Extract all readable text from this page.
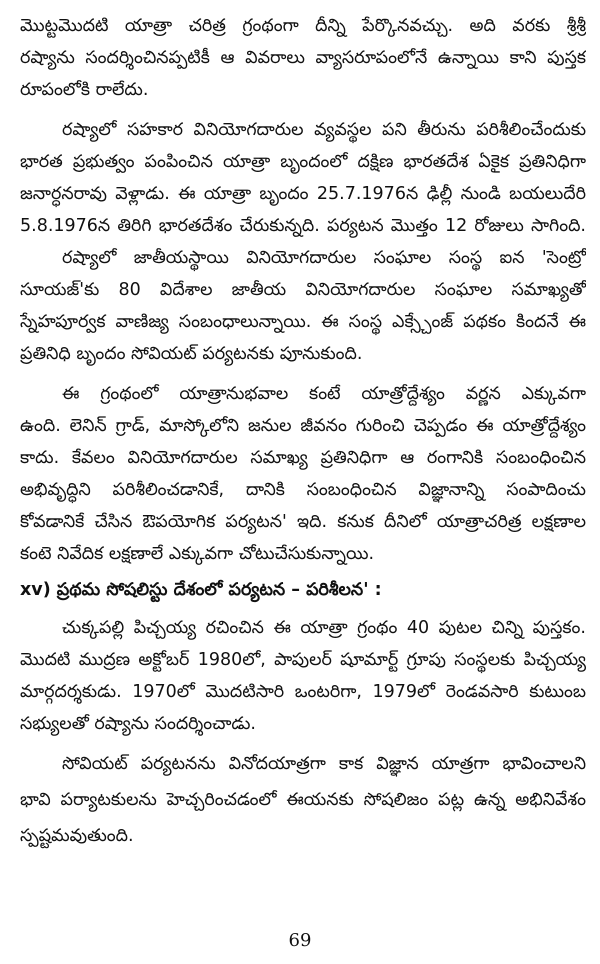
మొట్టమొదటి యాత్రా చరిత్ర గ్రంథంగా దీన్ని పేర్కొనవచ్చు. అది వరకు శ్రీశ్రీ
రష్యాను సందర్శించినప్పటికీ ఆ వివరాలు వ్యాసరూపంలోనే ఉన్నాయి కాని పుస్తక
రూపంలోకి రాలేదు.
రష్యాలో సహకార వినియోగదారుల వ్యవస్థల పని తీరును పరిశీలించేందుకు
భారత ప్రభుత్వం పంపించిన యాత్రా బృందంలో దక్షిణ భారతదేశ ఏకైక ప్రతినిధిగా
జనార్ధనరావు వెళ్లాడు. ఈ యాత్రా బృందం 25.7.1976న ఢిల్లీ నుండి బయలుదేరి
5.8.1976న తిరిగి భారతదేశం చేరుకున్నది. పర్యటన మొత్తం 12 రోజులు సాగింది.
రష్యాలో జాతీయస్థాయి వినియోగదారుల సంఘాల సంస్థ ఐన 'సెంట్రో
సూయజ్'కు 80 విదేశాల జాతీయ వినియోగదారుల సంఘాల సమాఖ్యతో
స్నేహపూర్వక వాణిజ్య సంబంధాలున్నాయి. ఈ సంస్థ ఎక్స్చేంజ్ పథకం కిందనే ఈ
ప్రతినిధి బృందం సోవియట్ పర్యటనకు పూనుకుంది.
ఈ గ్రంథంలో యాత్రానుభవాల కంటే యాత్రోద్దేశ్యం వర్ణన ఎక్కువగా
ఉంది. లెనిన్ గ్రాడ్, మాస్కోలోని జనుల జీవనం గురించి చెప్పడం ఈ యాత్రోద్దేశ్యం
కాదు. కేవలం వినియోగదారుల సమాఖ్య ప్రతినిధిగా ఆ రంగానికి సంబంధించిన
అభివృద్ధిని పరిశీలించడానికే, దానికి సంబంధించిన విజ్ఞానాన్ని సంపాదించు
కోవడానికే చేసిన ఔపయోగిక పర్యటన' ఇది. కనుక దీనిలో యాత్రాచరిత్ర లక్షణాల
కంటె నివేదిక లక్షణాలే ఎక్కువగా చోటుచేసుకున్నాయి.
xv) ప్రథమ సోషలిస్టు దేశంలో పర్యటన – పరిశీలన' :
చుక్కపల్లి పిచ్చయ్య రచించిన ఈ యాత్రా గ్రంథం 40 పుటల చిన్ని పుస్తకం.
మొదటి ముద్రణ అక్టోబర్ 1980లో, పాపులర్ షూమార్ట్ గ్రూపు సంస్థలకు పిచ్చయ్య
మార్గదర్శకుడు. 1970లో మొదటిసారి ఒంటరిగా, 1979లో రెండవసారి కుటుంబ
సభ్యులతో రష్యాను సందర్శించాడు.
సోవియట్ పర్యటనను వినోదయాత్రగా కాక విజ్ఞాన యాత్రగా భావించాలని
భావి పర్యాటకులను హెచ్చరించడంలో ఈయనకు సోషలిజం పట్ల ఉన్న అభినివేశం
స్పష్టమవుతుంది.
69
